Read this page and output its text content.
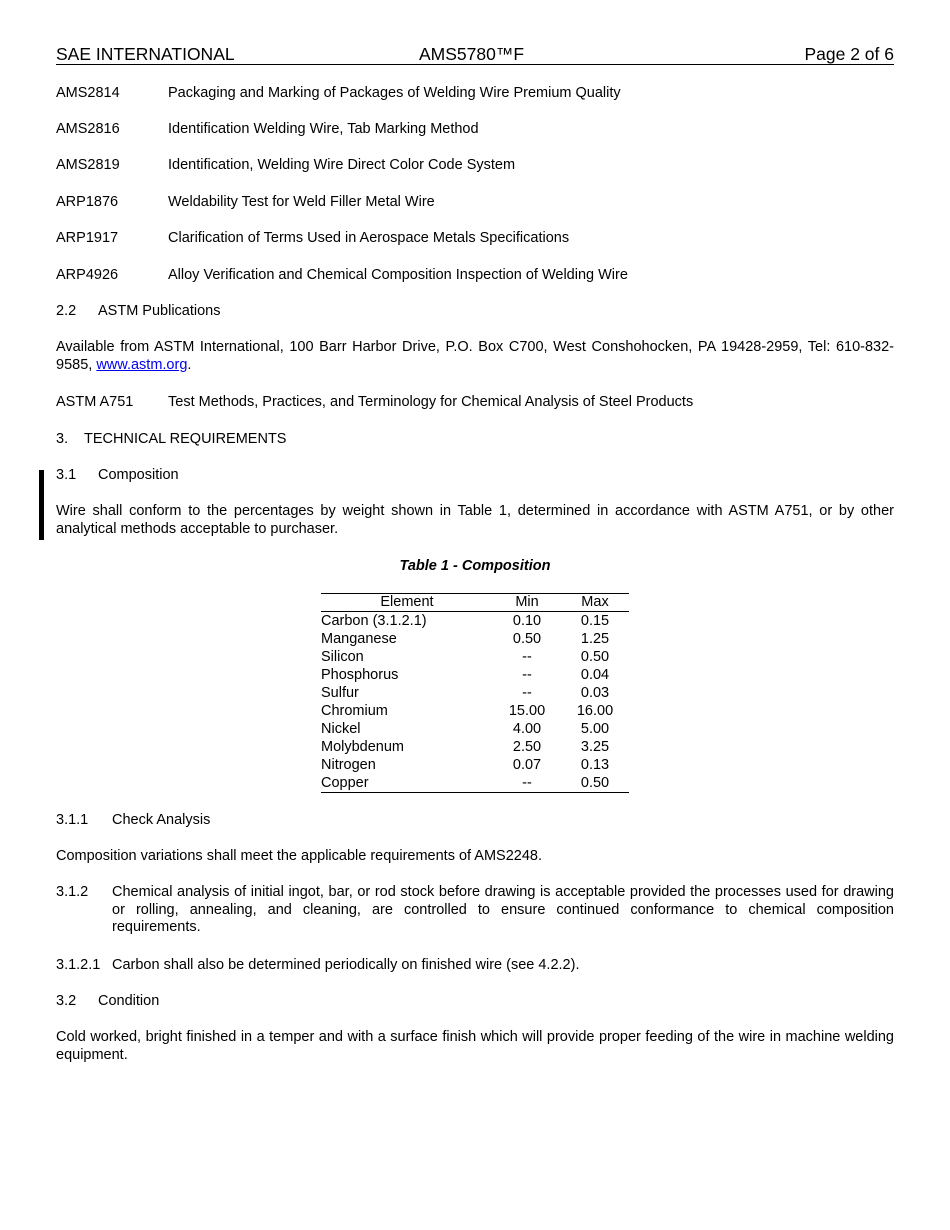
SAE INTERNATIONAL	AMS5780™F	Page 2 of 6
AMS2814	Packaging and Marking of Packages of Welding Wire Premium Quality
AMS2816	Identification Welding Wire, Tab Marking Method
AMS2819	Identification, Welding Wire Direct Color Code System
ARP1876	Weldability Test for Weld Filler Metal Wire
ARP1917	Clarification of Terms Used in Aerospace Metals Specifications
ARP4926	Alloy Verification and Chemical Composition Inspection of Welding Wire
2.2 ASTM Publications
Available from ASTM International, 100 Barr Harbor Drive, P.O. Box C700, West Conshohocken, PA 19428-2959, Tel: 610-832-9585, www.astm.org.
ASTM A751 Test Methods, Practices, and Terminology for Chemical Analysis of Steel Products
3. TECHNICAL REQUIREMENTS
3.1 Composition
Wire shall conform to the percentages by weight shown in Table 1, determined in accordance with ASTM A751, or by other analytical methods acceptable to purchaser.
Table 1 - Composition
Element	Min	Max
Carbon (3.1.2.1)	0.10	0.15
Manganese	0.50	1.25
Silicon	--	0.50
Phosphorus	--	0.04
Sulfur	--	0.03
Chromium	15.00	16.00
Nickel	4.00	5.00
Molybdenum	2.50	3.25
Nitrogen	0.07	0.13
Copper	--	0.50
3.1.1 Check Analysis
Composition variations shall meet the applicable requirements of AMS2248.
3.1.2 Chemical analysis of initial ingot, bar, or rod stock before drawing is acceptable provided the processes used for drawing or rolling, annealing, and cleaning, are controlled to ensure continued conformance to chemical composition requirements.
3.1.2.1 Carbon shall also be determined periodically on finished wire (see 4.2.2).
3.2 Condition
Cold worked, bright finished in a temper and with a surface finish which will provide proper feeding of the wire in machine welding equipment.
